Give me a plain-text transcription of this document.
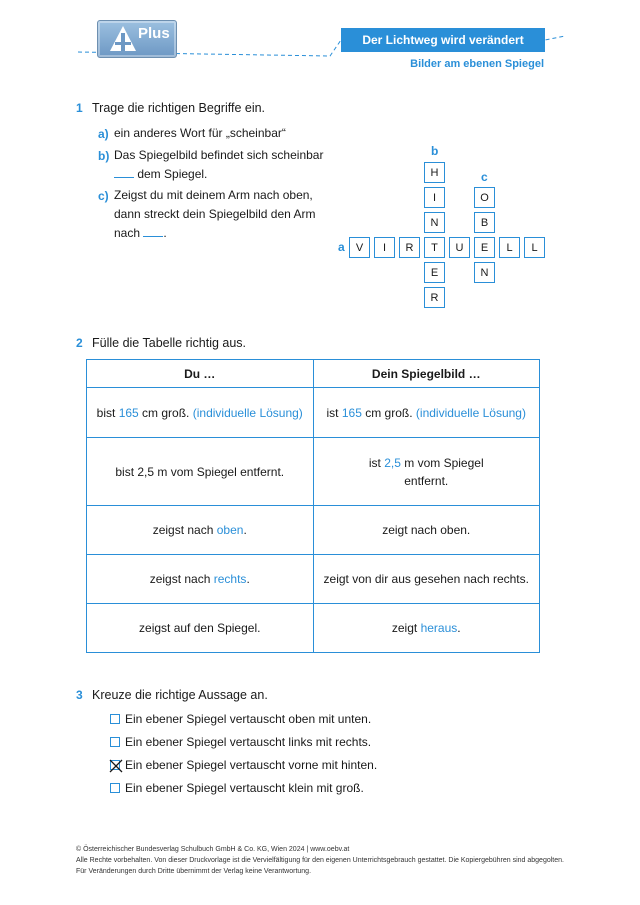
Plus	Der Lichtweg wird verändert
Bilder am ebenen Spiegel
1 Trage die richtigen Begriffe ein.
a) ein anderes Wort für „scheinbar“
b) Das Spiegelbild befindet sich scheinbar
dem Spiegel.
c) Zeigst du mit deinem Arm nach oben,
dann streckt dein Spiegelbild den Arm
nach .
a
b
c
V	I	R	T	U	E	L	L
H
I
N
E
R
O
B
N
2 Fülle die Tabelle richtig aus.
Du …	Dein Spiegelbild …
bist 165 cm groß. (individuelle Lösung)	ist 165 cm groß. (individuelle Lösung)
bist 2,5 m vom Spiegel entfernt.	ist 2,5 m vom Spiegel
entfernt.
zeigst nach oben.	zeigt nach oben.
zeigst nach rechts.	zeigt von dir aus gesehen nach rechts.
zeigst auf den Spiegel.	zeigt heraus.
3 Kreuze die richtige Aussage an.
Ein ebener Spiegel vertauscht oben mit unten.
Ein ebener Spiegel vertauscht links mit rechts.
Ein ebener Spiegel vertauscht vorne mit hinten.
Ein ebener Spiegel vertauscht klein mit groß.
© Österreichischer Bundesverlag Schulbuch GmbH & Co. KG, Wien 2024 | www.oebv.at
Alle Rechte vorbehalten. Von dieser Druckvorlage ist die Vervielfältigung für den eigenen Unterrichtsgebrauch gestattet. Die Kopiergebühren sind abgegolten.
Für Veränderungen durch Dritte übernimmt der Verlag keine Verantwortung.
